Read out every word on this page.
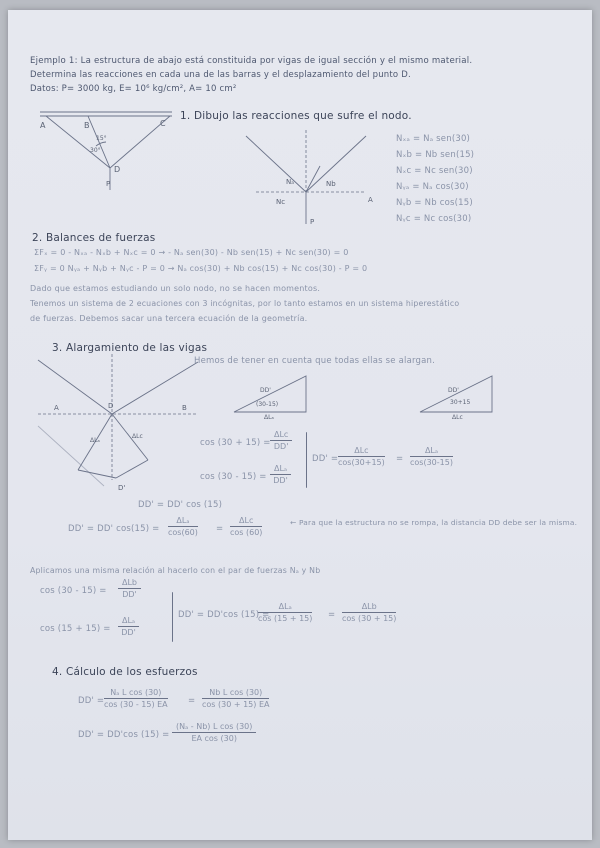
Ejemplo 1: La estructura de abajo está constituida por vigas de igual sección y el mismo material.
Determina las reacciones en cada una de las barras y el desplazamiento del punto D.
Datos: P= 3000 kg, E= 10⁶ kg/cm², A= 10 cm²
A	B	C
D
P
15°
30°
1. Dibujo las reacciones que sufre el nodo.
Nₐ	Nb
Nc
P
A
Nₓₐ = Nₐ sen(30)
Nₓb = Nb sen(15)
Nₓc = Nc sen(30)
Nᵧₐ = Nₐ cos(30)
Nᵧb = Nb cos(15)
Nᵧc = Nc cos(30)
2. Balances de fuerzas
ΣFₓ = 0 - Nₓₐ - Nₓb + Nₓc = 0 → - Nₐ sen(30) - Nb sen(15) + Nc sen(30) = 0
ΣFᵧ = 0 Nᵧₐ + Nᵧb + Nᵧc - P = 0 → Nₐ cos(30) + Nb cos(15) + Nc cos(30) - P = 0
Dado que estamos estudiando un solo nodo, no se hacen momentos.
Tenemos un sistema de 2 ecuaciones con 3 incógnitas, por lo tanto estamos en un sistema hiperestático
de fuerzas. Debemos sacar una tercera ecuación de la geometría.
3. Alargamiento de las vigas
Hemos de tener en cuenta que todas ellas se alargan.
DD'
(30-15)
ΔLₐ
DD'
30+15
ΔLc
A	D	B
ΔLₐ
ΔLc
D'
cos (30 + 15) =
ΔLc
DD'
cos (30 - 15) =
ΔLₐ
DD'
DD' =
ΔLc
cos(30+15) =
ΔLₐ
cos(30-15)
DD' = DD' cos (15)
DD' = DD' cos(15) =
ΔLₐ
cos(60) =
ΔLc
cos (60)
← Para que la estructura no se rompa, la distancia DD debe ser la misma.
Aplicamos una misma relación al hacerlo con el par de fuerzas Nₐ y Nb
cos (30 - 15) =
ΔLb
DD'
cos (15 + 15) =
ΔLₐ
DD'
DD' = DD'cos (15) =
ΔLₐ
cos (15 + 15) =
ΔLb
cos (30 + 15)
4. Cálculo de los esfuerzos
$DD' = \frac{\text{Nₐ L cos (30)}}{\cos (30 - 15) EA} = \frac{\text{Nb L cos (30)}}{\cos (30 + 15) EA}$
DD' = DD'cos $(15) = \frac{\text{(Nₐ - Nb) L cos (30)}}{\text{EA cos (30)}}$
